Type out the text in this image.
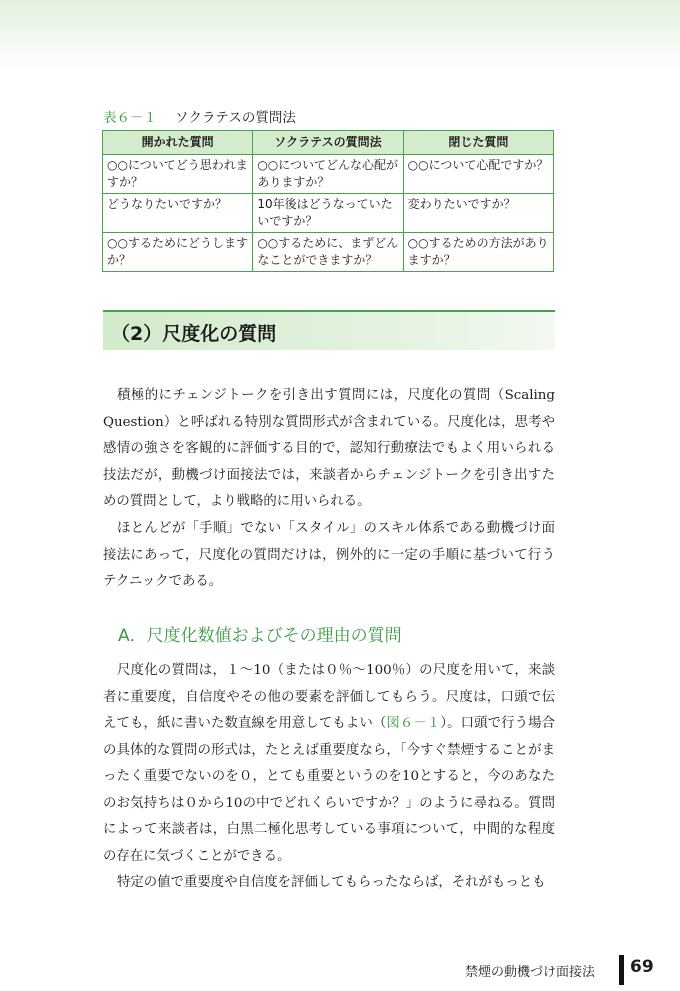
表６－１ ソクラテスの質問法
開かれた質問	ソクラテスの質問法	閉じた質問
○○についてどう思われますか？	○○についてどんな心配がありますか？	○○について心配ですか？
どうなりたいですか？	10年後はどうなっていたいですか？	変わりたいですか？
○○するためにどうしますか？	○○するために、まずどんなことができますか？	○○するための方法がありますか？
（2）尺度化の質問

積極的にチェンジトークを引き出す質問には，尺度化の質問（Scaling Question）と呼ばれる特別な質問形式が含まれている。尺度化は，思考や感情の強さを客観的に評価する目的で，認知行動療法でもよく用いられる技法だが，動機づけ面接法では，来談者からチェンジトークを引き出すための質問として，より戦略的に用いられる。

ほとんどが「手順」でない「スタイル」のスキル体系である動機づけ面接法にあって，尺度化の質問だけは，例外的に一定の手順に基づいて行うテクニックである。

A．尺度化数値およびその理由の質問

尺度化の質問は，１～10（または０％～100％）の尺度を用いて，来談者に重要度，自信度やその他の要素を評価してもらう。尺度は，口頭で伝えても，紙に書いた数直線を用意してもよい（図６－１）。口頭で行う場合の具体的な質問の形式は，たとえば重要度なら，「今すぐ禁煙することがまったく重要でないのを０，とても重要というのを10とすると，今のあなたのお気持ちは０から10の中でどれくらいですか？」のように尋ねる。質問によって来談者は，白黒二極化思考している事項について，中間的な程度の存在に気づくことができる。

特定の値で重要度や自信度を評価してもらったならば，それがもっとも

禁煙の動機づけ面接法 69
